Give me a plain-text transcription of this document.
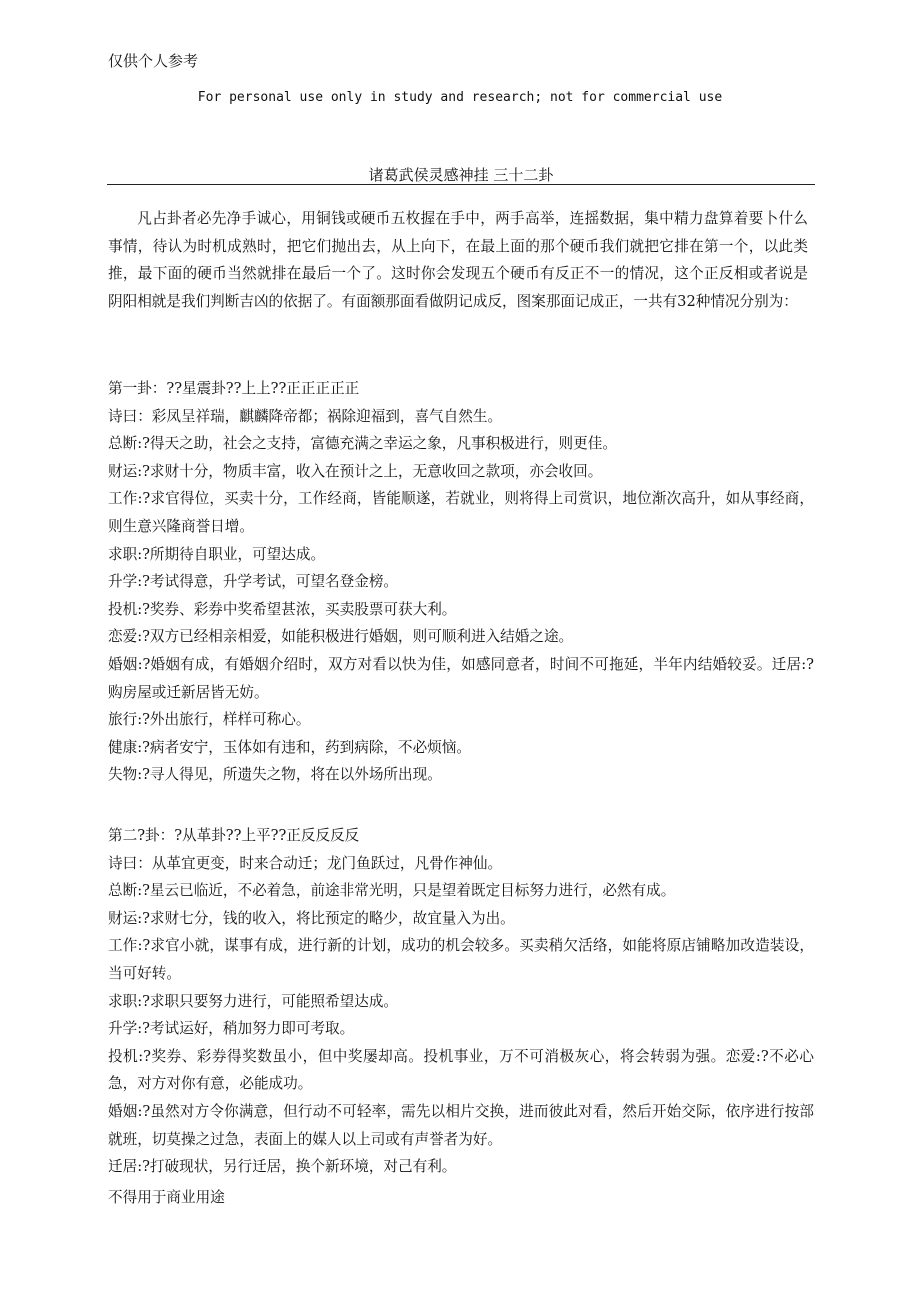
仅供个人参考
For personal use only in study and research; not for commercial use
诸葛武侯灵感神挂 三十二卦

凡占卦者必先净手诚心，用铜钱或硬币五枚握在手中，两手高举，连摇数据，集中精力盘算着要卜什么事情，待认为时机成熟时，把它们抛出去，从上向下，在最上面的那个硬币我们就把它排在第一个，以此类推，最下面的硬币当然就排在最后一个了。这时你会发现五个硬币有反正不一的情况，这个正反相或者说是阴阳相就是我们判断吉凶的依据了。有面额那面看做阴记成反，图案那面记成正，一共有32种情况分别为：

第一卦：??星震卦??上上??正正正正正

诗曰：彩凤呈祥瑞，麒麟降帝都；祸除迎福到，喜气自然生。

总断:?得天之助，社会之支持，富德充满之幸运之象，凡事积极进行，则更佳。

财运:?求财十分，物质丰富，收入在预计之上，无意收回之款项，亦会收回。

工作:?求官得位，买卖十分，工作经商，皆能顺遂，若就业，则将得上司赏识，地位渐次高升，如从事经商，则生意兴隆商誉日增。

求职:?所期待自职业，可望达成。

升学:?考试得意，升学考试，可望名登金榜。

投机:?奖券、彩券中奖希望甚浓，买卖股票可获大利。

恋爱:?双方已经相亲相爱，如能积极进行婚姻，则可顺利进入结婚之途。

婚姻:?婚姻有成，有婚姻介绍时，双方对看以快为佳，如感同意者，时间不可拖延，半年内结婚较妥。迁居:?购房屋或迁新居皆无妨。

旅行:?外出旅行，样样可称心。

健康:?病者安宁，玉体如有违和，药到病除，不必烦恼。

失物:?寻人得见，所遗失之物，将在以外场所出现。

第二?卦：?从革卦??上平??正反反反反

诗曰：从革宜更变，时来合动迁；龙门鱼跃过，凡骨作神仙。

总断:?星云已临近，不必着急，前途非常光明，只是望着既定目标努力进行，必然有成。

财运:?求财七分，钱的收入，将比预定的略少，故宜量入为出。

工作:?求官小就，谋事有成，进行新的计划，成功的机会较多。买卖稍欠活络，如能将原店铺略加改造装设，当可好转。

求职:?求职只要努力进行，可能照希望达成。

升学:?考试运好，稍加努力即可考取。

投机:?奖券、彩券得奖数虽小，但中奖屡却高。投机事业，万不可消极灰心，将会转弱为强。恋爱:?不必心急，对方对你有意，必能成功。

婚姻:?虽然对方令你满意，但行动不可轻率，需先以相片交换，进而彼此对看，然后开始交际，依序进行按部就班，切莫操之过急，表面上的媒人以上司或有声誉者为好。

迁居:?打破现状，另行迁居，换个新环境，对己有利。

不得用于商业用途
